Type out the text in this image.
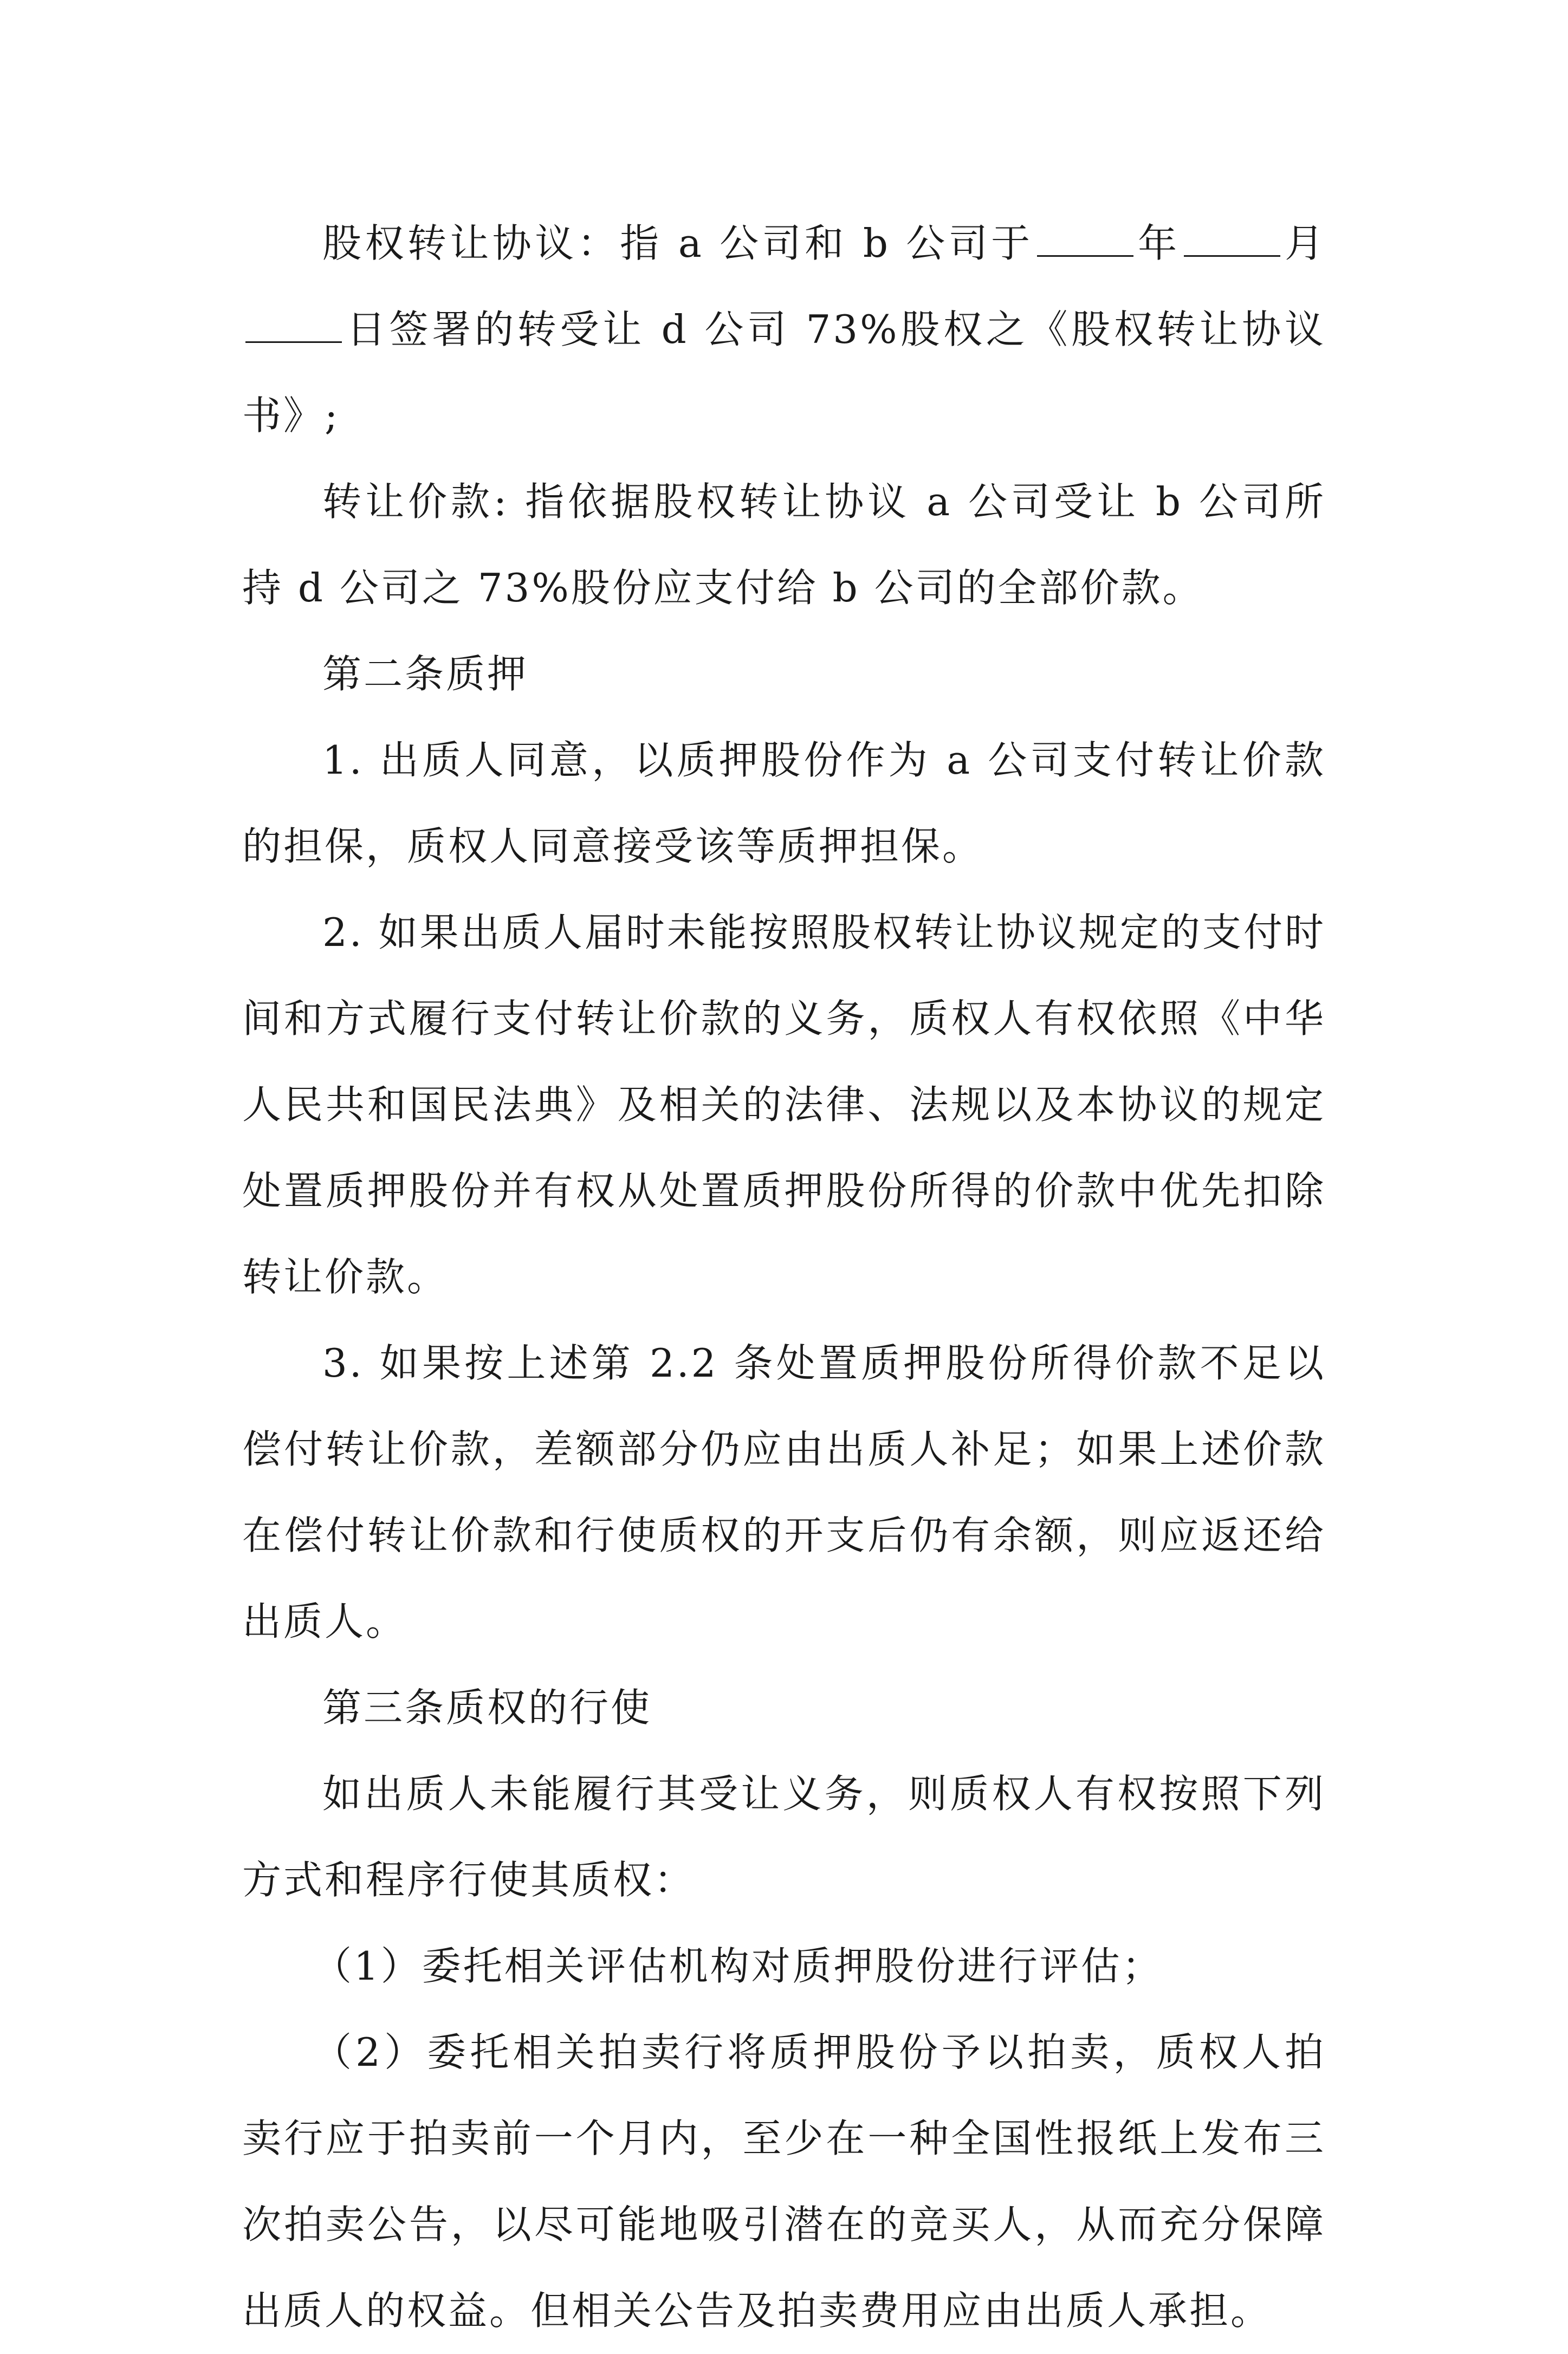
股权转让协议：指 a 公司和 b 公司于	年	月日签署的转受让 d 公司 73%股权之《股权转让协议书》;

转让价款: 指依据股权转让协议 a 公司受让 b 公司所持 d 公司之 73%股份应支付给 b 公司的全部价款。

第二条质押

1. 出质人同意，以质押股份作为 a 公司支付转让价款的担保，质权人同意接受该等质押担保。

2. 如果出质人届时未能按照股权转让协议规定的支付时间和方式履行支付转让价款的义务，质权人有权依照《中华人民共和国民法典》及相关的法律、法规以及本协议的规定处置质押股份并有权从处置质押股份所得的价款中优先扣除转让价款。

3. 如果按上述第 2.2 条处置质押股份所得价款不足以偿付转让价款，差额部分仍应由出质人补足；如果上述价款在偿付转让价款和行使质权的开支后仍有余额，则应返还给出质人。

第三条质权的行使

如出质人未能履行其受让义务，则质权人有权按照下列方式和程序行使其质权：

（1）委托相关评估机构对质押股份进行评估；

（2）委托相关拍卖行将质押股份予以拍卖，质权人拍卖行应于拍卖前一个月内，至少在一种全国性报纸上发布三次拍卖公告，以尽可能地吸引潜在的竞买人，从而充分保障出质人的权益。但相关公告及拍卖费用应由出质人承担。
